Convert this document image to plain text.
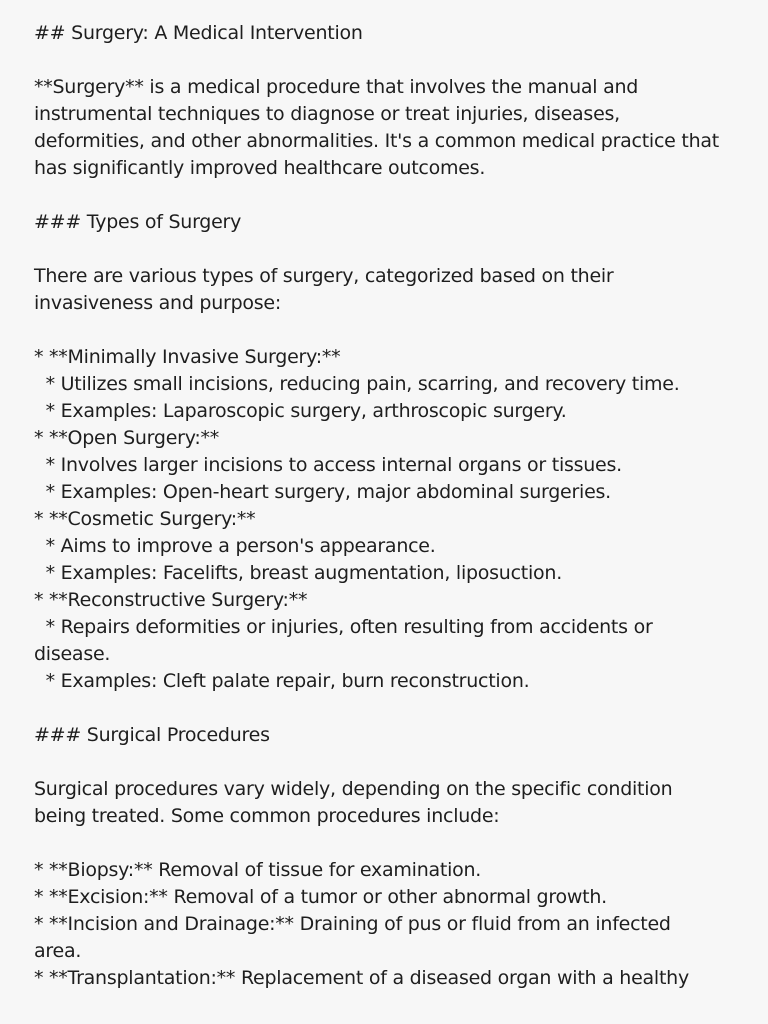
## Surgery: A Medical Intervention
**Surgery** is a medical procedure that involves the manual and
instrumental techniques to diagnose or treat injuries, diseases,
deformities, and other abnormalities. It's a common medical practice that
has significantly improved healthcare outcomes.
### Types of Surgery
There are various types of surgery, categorized based on their
invasiveness and purpose:
* **Minimally Invasive Surgery:**
* Utilizes small incisions, reducing pain, scarring, and recovery time.
* Examples: Laparoscopic surgery, arthroscopic surgery.
* **Open Surgery:**
* Involves larger incisions to access internal organs or tissues.
* Examples: Open-heart surgery, major abdominal surgeries.
* **Cosmetic Surgery:**
* Aims to improve a person's appearance.
* Examples: Facelifts, breast augmentation, liposuction.
* **Reconstructive Surgery:**
* Repairs deformities or injuries, often resulting from accidents or
disease.
* Examples: Cleft palate repair, burn reconstruction.
### Surgical Procedures
Surgical procedures vary widely, depending on the specific condition
being treated. Some common procedures include:
* **Biopsy:** Removal of tissue for examination.
* **Excision:** Removal of a tumor or other abnormal growth.
* **Incision and Drainage:** Draining of pus or fluid from an infected
area.
* **Transplantation:** Replacement of a diseased organ with a healthy
